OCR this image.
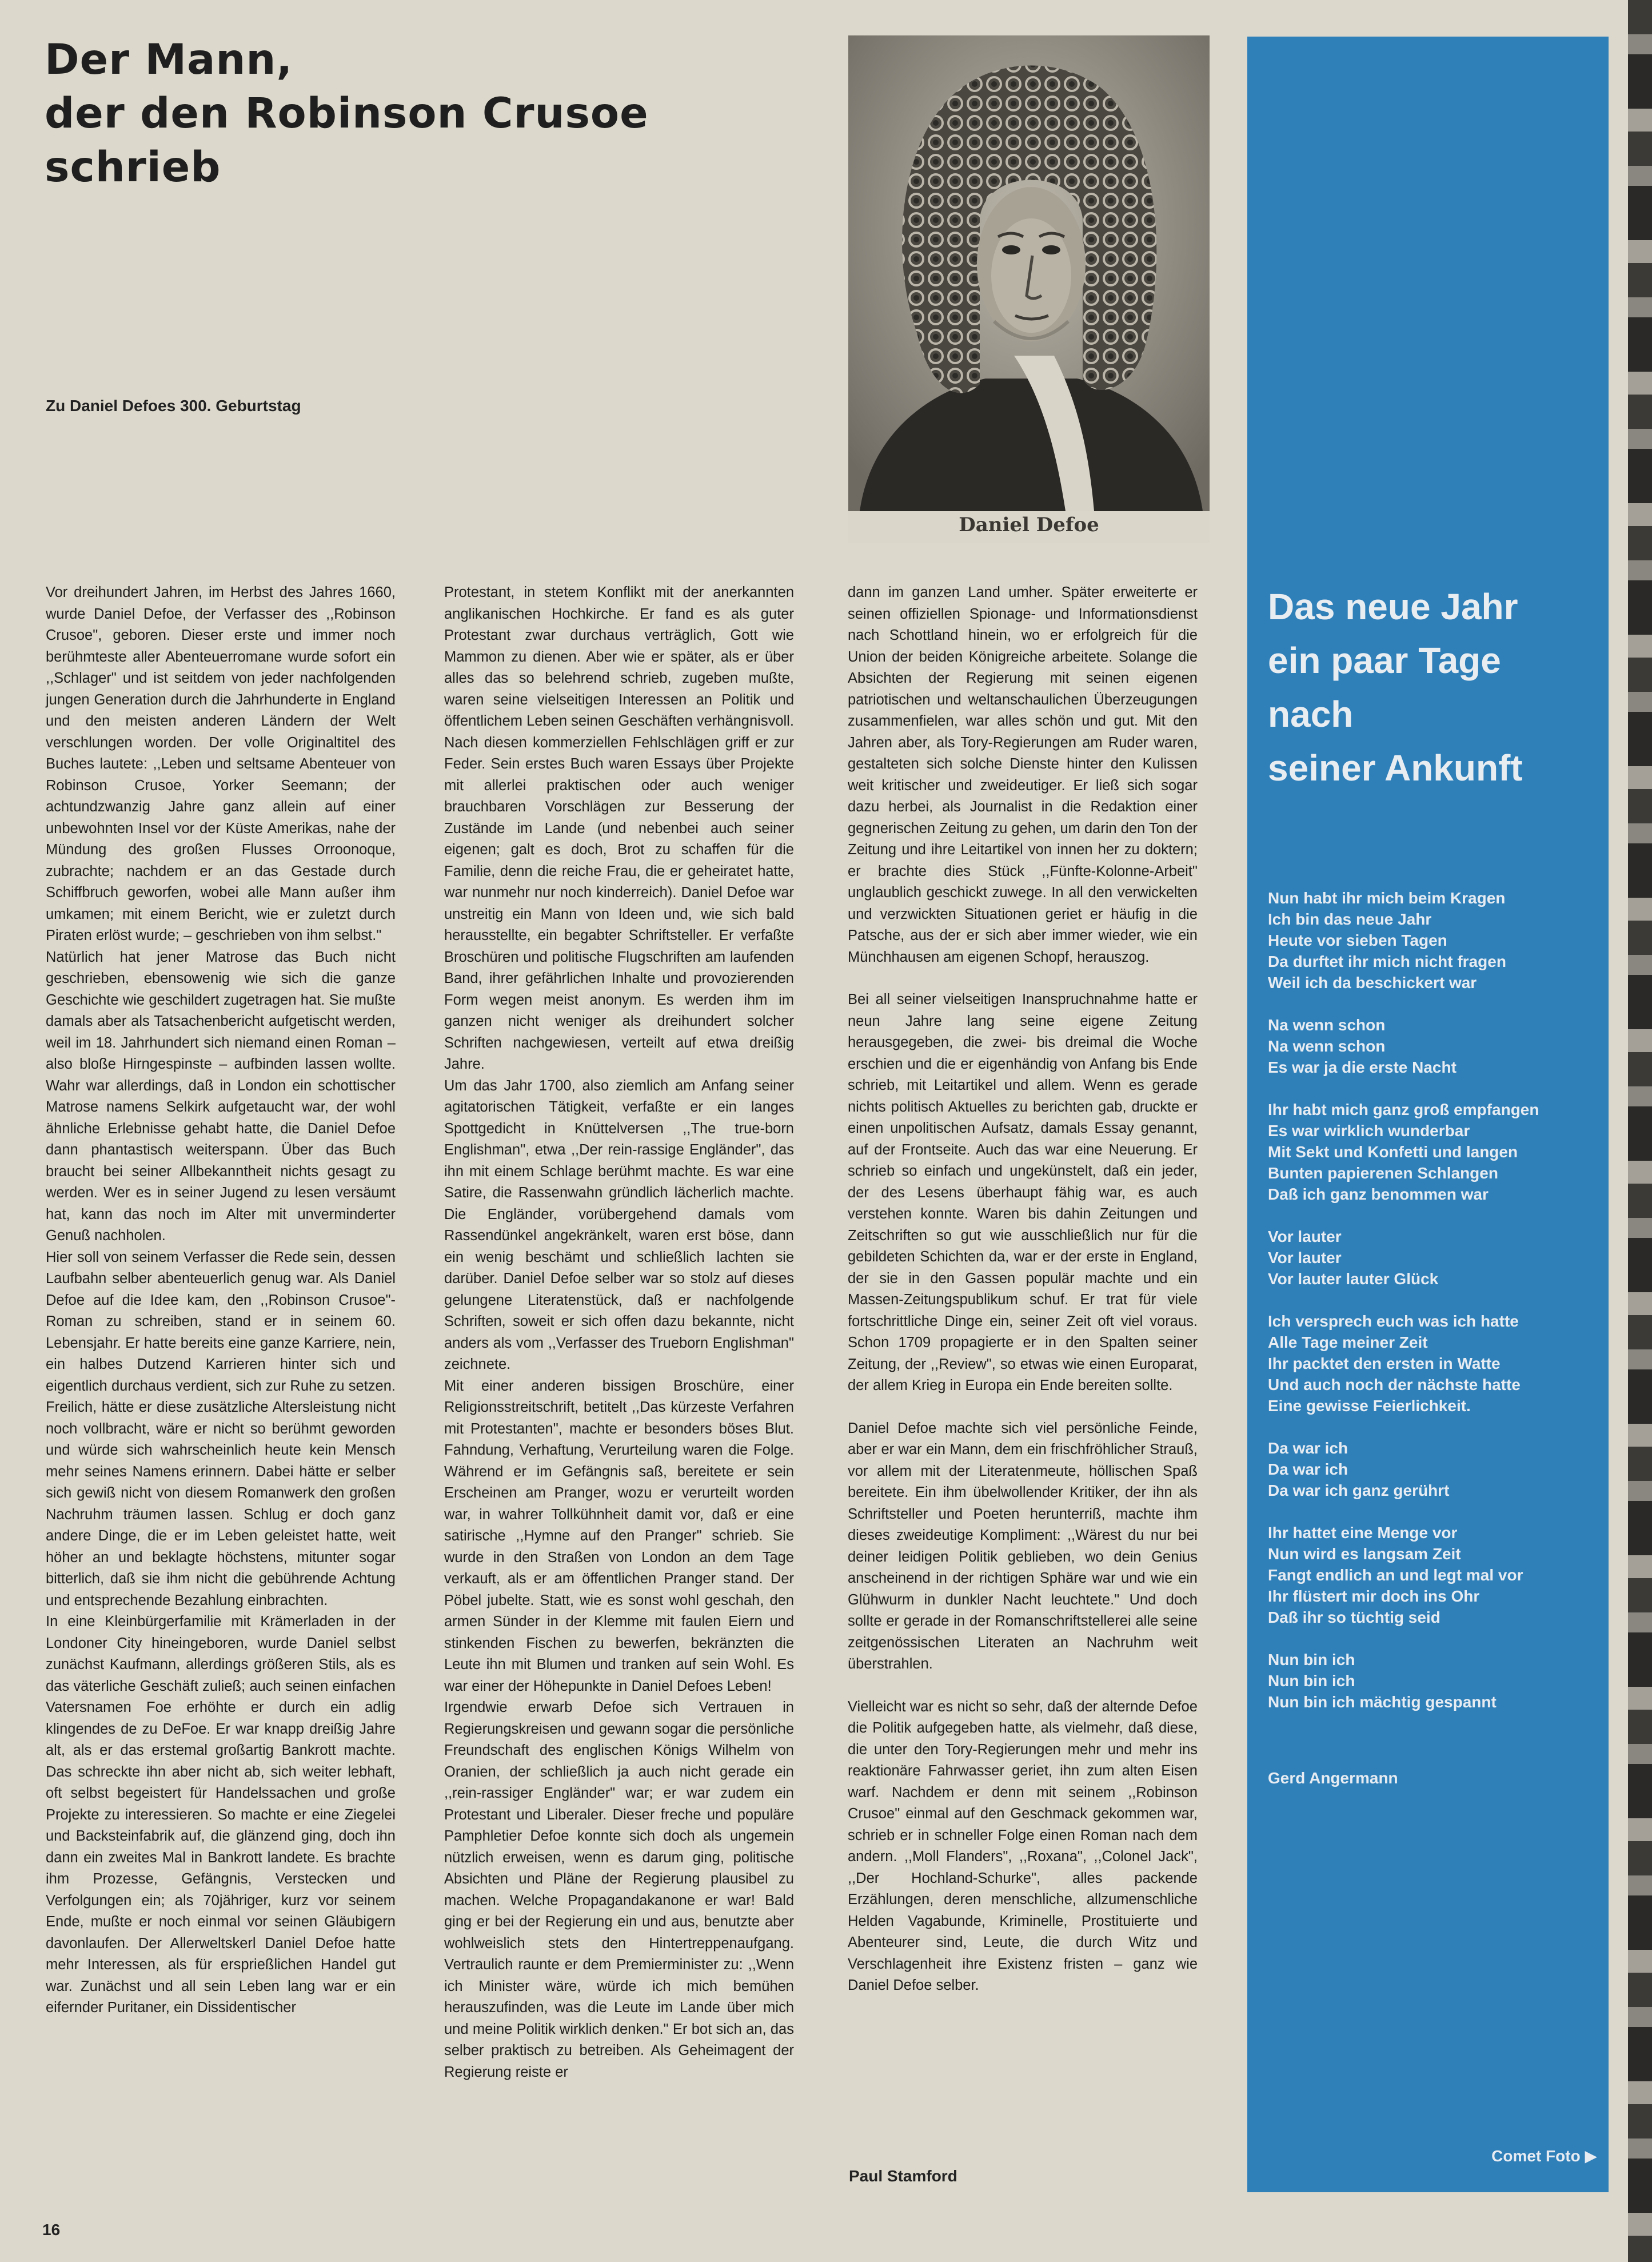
Der Mann,
der den Robinson Crusoe schrieb
Zu Daniel Defoes 300. Geburtstag
Daniel Defoe

Vor dreihundert Jahren, im Herbst des Jahres 1660, wurde Daniel Defoe, der Verfasser des ,,Robinson Crusoe", geboren. Dieser erste und immer noch berühmteste aller Abenteuerromane wurde sofort ein ,,Schlager" und ist seitdem von jeder nachfolgenden jungen Generation durch die Jahrhunderte in England und den meisten anderen Ländern der Welt verschlungen worden. Der volle Originaltitel des Buches lautete: ,,Leben und seltsame Abenteuer von Robinson Crusoe, Yorker Seemann; der achtundzwanzig Jahre ganz allein auf einer unbewohnten Insel vor der Küste Amerikas, nahe der Mündung des großen Flusses Orroonoque, zubrachte; nachdem er an das Gestade durch Schiffbruch geworfen, wobei alle Mann außer ihm umkamen; mit einem Bericht, wie er zuletzt durch Piraten erlöst wurde; – geschrieben von ihm selbst."

Natürlich hat jener Matrose das Buch nicht geschrieben, ebensowenig wie sich die ganze Geschichte wie geschildert zugetragen hat. Sie mußte damals aber als Tatsachenbericht aufgetischt werden, weil im 18. Jahrhundert sich niemand einen Roman – also bloße Hirngespinste – aufbinden lassen wollte. Wahr war allerdings, daß in London ein schottischer Matrose namens Selkirk aufgetaucht war, der wohl ähnliche Erlebnisse gehabt hatte, die Daniel Defoe dann phantastisch weiterspann. Über das Buch braucht bei seiner Allbekanntheit nichts gesagt zu werden. Wer es in seiner Jugend zu lesen versäumt hat, kann das noch im Alter mit unverminderter Genuß nachholen.

Hier soll von seinem Verfasser die Rede sein, dessen Laufbahn selber abenteuerlich genug war. Als Daniel Defoe auf die Idee kam, den ,,Robinson Crusoe"-Roman zu schreiben, stand er in seinem 60. Lebensjahr. Er hatte bereits eine ganze Karriere, nein, ein halbes Dutzend Karrieren hinter sich und eigentlich durchaus verdient, sich zur Ruhe zu setzen. Freilich, hätte er diese zusätzliche Altersleistung nicht noch vollbracht, wäre er nicht so berühmt geworden und würde sich wahrscheinlich heute kein Mensch mehr seines Namens erinnern. Dabei hätte er selber sich gewiß nicht von diesem Romanwerk den großen Nachruhm träumen lassen. Schlug er doch ganz andere Dinge, die er im Leben geleistet hatte, weit höher an und beklagte höchstens, mitunter sogar bitterlich, daß sie ihm nicht die gebührende Achtung und entsprechende Bezahlung einbrachten.

In eine Kleinbürgerfamilie mit Krämerladen in der Londoner City hineingeboren, wurde Daniel selbst zunächst Kaufmann, allerdings größeren Stils, als es das väterliche Geschäft zuließ; auch seinen einfachen Vatersnamen Foe erhöhte er durch ein adlig klingendes de zu DeFoe. Er war knapp dreißig Jahre alt, als er das erstemal großartig Bankrott machte. Das schreckte ihn aber nicht ab, sich weiter lebhaft, oft selbst begeistert für Handelssachen und große Projekte zu interessieren. So machte er eine Ziegelei und Backsteinfabrik auf, die glänzend ging, doch ihn dann ein zweites Mal in Bankrott landete. Es brachte ihm Prozesse, Gefängnis, Verstecken und Verfolgungen ein; als 70jähriger, kurz vor seinem Ende, mußte er noch einmal vor seinen Gläubigern davonlaufen. Der Allerweltskerl Daniel Defoe hatte mehr Interessen, als für ersprießlichen Handel gut war. Zunächst und all sein Leben lang war er ein eifernder Puritaner, ein Dissidentischer

Protestant, in stetem Konflikt mit der anerkannten anglikanischen Hochkirche. Er fand es als guter Protestant zwar durchaus verträglich, Gott wie Mammon zu dienen. Aber wie er später, als er über alles das so belehrend schrieb, zugeben mußte, waren seine vielseitigen Interessen an Politik und öffentlichem Leben seinen Geschäften verhängnisvoll.

Nach diesen kommerziellen Fehlschlägen griff er zur Feder. Sein erstes Buch waren Essays über Projekte mit allerlei praktischen oder auch weniger brauchbaren Vorschlägen zur Besserung der Zustände im Lande (und nebenbei auch seiner eigenen; galt es doch, Brot zu schaffen für die Familie, denn die reiche Frau, die er geheiratet hatte, war nunmehr nur noch kinderreich). Daniel Defoe war unstreitig ein Mann von Ideen und, wie sich bald herausstellte, ein begabter Schriftsteller. Er verfaßte Broschüren und politische Flugschriften am laufenden Band, ihrer gefährlichen Inhalte und provozierenden Form wegen meist anonym. Es werden ihm im ganzen nicht weniger als dreihundert solcher Schriften nachgewiesen, verteilt auf etwa dreißig Jahre.

Um das Jahr 1700, also ziemlich am Anfang seiner agitatorischen Tätigkeit, verfaßte er ein langes Spottgedicht in Knüttelversen ,,The true-born Englishman", etwa ,,Der rein-rassige Engländer", das ihn mit einem Schlage berühmt machte. Es war eine Satire, die Rassenwahn gründlich lächerlich machte. Die Engländer, vorübergehend damals vom Rassendünkel angekränkelt, waren erst böse, dann ein wenig beschämt und schließlich lachten sie darüber. Daniel Defoe selber war so stolz auf dieses gelungene Literatenstück, daß er nachfolgende Schriften, soweit er sich offen dazu bekannte, nicht anders als vom ,,Verfasser des Trueborn Englishman" zeichnete.

Mit einer anderen bissigen Broschüre, einer Religionsstreitschrift, betitelt ,,Das kürzeste Verfahren mit Protestanten", machte er besonders böses Blut. Fahndung, Verhaftung, Verurteilung waren die Folge. Während er im Gefängnis saß, bereitete er sein Erscheinen am Pranger, wozu er verurteilt worden war, in wahrer Tollkühnheit damit vor, daß er eine satirische ,,Hymne auf den Pranger" schrieb. Sie wurde in den Straßen von London an dem Tage verkauft, als er am öffentlichen Pranger stand. Der Pöbel jubelte. Statt, wie es sonst wohl geschah, den armen Sünder in der Klemme mit faulen Eiern und stinkenden Fischen zu bewerfen, bekränzten die Leute ihn mit Blumen und tranken auf sein Wohl. Es war einer der Höhepunkte in Daniel Defoes Leben!

Irgendwie erwarb Defoe sich Vertrauen in Regierungskreisen und gewann sogar die persönliche Freundschaft des englischen Königs Wilhelm von Oranien, der schließlich ja auch nicht gerade ein ,,rein-rassiger Engländer" war; er war zudem ein Protestant und Liberaler. Dieser freche und populäre Pamphletier Defoe konnte sich doch als ungemein nützlich erweisen, wenn es darum ging, politische Absichten und Pläne der Regierung plausibel zu machen. Welche Propagandakanone er war! Bald ging er bei der Regierung ein und aus, benutzte aber wohlweislich stets den Hintertreppenaufgang. Vertraulich raunte er dem Premierminister zu: ,,Wenn ich Minister wäre, würde ich mich bemühen herauszufinden, was die Leute im Lande über mich und meine Politik wirklich denken." Er bot sich an, das selber praktisch zu betreiben. Als Geheimagent der Regierung reiste er

dann im ganzen Land umher. Später erweiterte er seinen offiziellen Spionage- und Informationsdienst nach Schottland hinein, wo er erfolgreich für die Union der beiden Königreiche arbeitete. Solange die Absichten der Regierung mit seinen eigenen patriotischen und weltanschaulichen Überzeugungen zusammenfielen, war alles schön und gut. Mit den Jahren aber, als Tory-Regierungen am Ruder waren, gestalteten sich solche Dienste hinter den Kulissen weit kritischer und zweideutiger. Er ließ sich sogar dazu herbei, als Journalist in die Redaktion einer gegnerischen Zeitung zu gehen, um darin den Ton der Zeitung und ihre Leitartikel von innen her zu doktern; er brachte dies Stück ,,Fünfte-Kolonne-Arbeit" unglaublich geschickt zuwege. In all den verwickelten und verzwickten Situationen geriet er häufig in die Patsche, aus der er sich aber immer wieder, wie ein Münchhausen am eigenen Schopf, herauszog.

Bei all seiner vielseitigen Inanspruchnahme hatte er neun Jahre lang seine eigene Zeitung herausgegeben, die zwei- bis dreimal die Woche erschien und die er eigenhändig von Anfang bis Ende schrieb, mit Leitartikel und allem. Wenn es gerade nichts politisch Aktuelles zu berichten gab, druckte er einen unpolitischen Aufsatz, damals Essay genannt, auf der Frontseite. Auch das war eine Neuerung. Er schrieb so einfach und ungekünstelt, daß ein jeder, der des Lesens überhaupt fähig war, es auch verstehen konnte. Waren bis dahin Zeitungen und Zeitschriften so gut wie ausschließlich nur für die gebildeten Schichten da, war er der erste in England, der sie in den Gassen populär machte und ein Massen-Zeitungspublikum schuf. Er trat für viele fortschrittliche Dinge ein, seiner Zeit oft viel voraus. Schon 1709 propagierte er in den Spalten seiner Zeitung, der ,,Review", so etwas wie einen Europarat, der allem Krieg in Europa ein Ende bereiten sollte.

Daniel Defoe machte sich viel persönliche Feinde, aber er war ein Mann, dem ein frischfröhlicher Strauß, vor allem mit der Literatenmeute, höllischen Spaß bereitete. Ein ihm übelwollender Kritiker, der ihn als Schriftsteller und Poeten herunterriß, machte ihm dieses zweideutige Kompliment: ,,Wärest du nur bei deiner leidigen Politik geblieben, wo dein Genius anscheinend in der richtigen Sphäre war und wie ein Glühwurm in dunkler Nacht leuchtete." Und doch sollte er gerade in der Romanschriftstellerei alle seine zeitgenössischen Literaten an Nachruhm weit überstrahlen.

Vielleicht war es nicht so sehr, daß der alternde Defoe die Politik aufgegeben hatte, als vielmehr, daß diese, die unter den Tory-Regierungen mehr und mehr ins reaktionäre Fahrwasser geriet, ihn zum alten Eisen warf. Nachdem er denn mit seinem ,,Robinson Crusoe" einmal auf den Geschmack gekommen war, schrieb er in schneller Folge einen Roman nach dem andern. ,,Moll Flanders", ,,Roxana", ,,Colonel Jack", ,,Der Hochland-Schurke", alles packende Erzählungen, deren menschliche, allzumenschliche Helden Vagabunde, Kriminelle, Prostituierte und Abenteurer sind, Leute, die durch Witz und Verschlagenheit ihre Existenz fristen – ganz wie Daniel Defoe selber.

Paul Stamford
16
Das neue Jahr
ein paar Tage
nach
seiner Ankunft
Nun habt ihr mich beim Kragen
Ich bin das neue Jahr
Heute vor sieben Tagen
Da durftet ihr mich nicht fragen
Weil ich da beschickert war
Na wenn schon
Na wenn schon
Es war ja die erste Nacht
Ihr habt mich ganz groß empfangen
Es war wirklich wunderbar
Mit Sekt und Konfetti und langen
Bunten papierenen Schlangen
Daß ich ganz benommen war
Vor lauter
Vor lauter
Vor lauter lauter Glück
Ich versprech euch was ich hatte
Alle Tage meiner Zeit
Ihr packtet den ersten in Watte
Und auch noch der nächste hatte
Eine gewisse Feierlichkeit.
Da war ich
Da war ich
Da war ich ganz gerührt
Ihr hattet eine Menge vor
Nun wird es langsam Zeit
Fangt endlich an und legt mal vor
Ihr flüstert mir doch ins Ohr
Daß ihr so tüchtig seid
Nun bin ich
Nun bin ich
Nun bin ich mächtig gespannt
Gerd Angermann
Comet Foto ▶
